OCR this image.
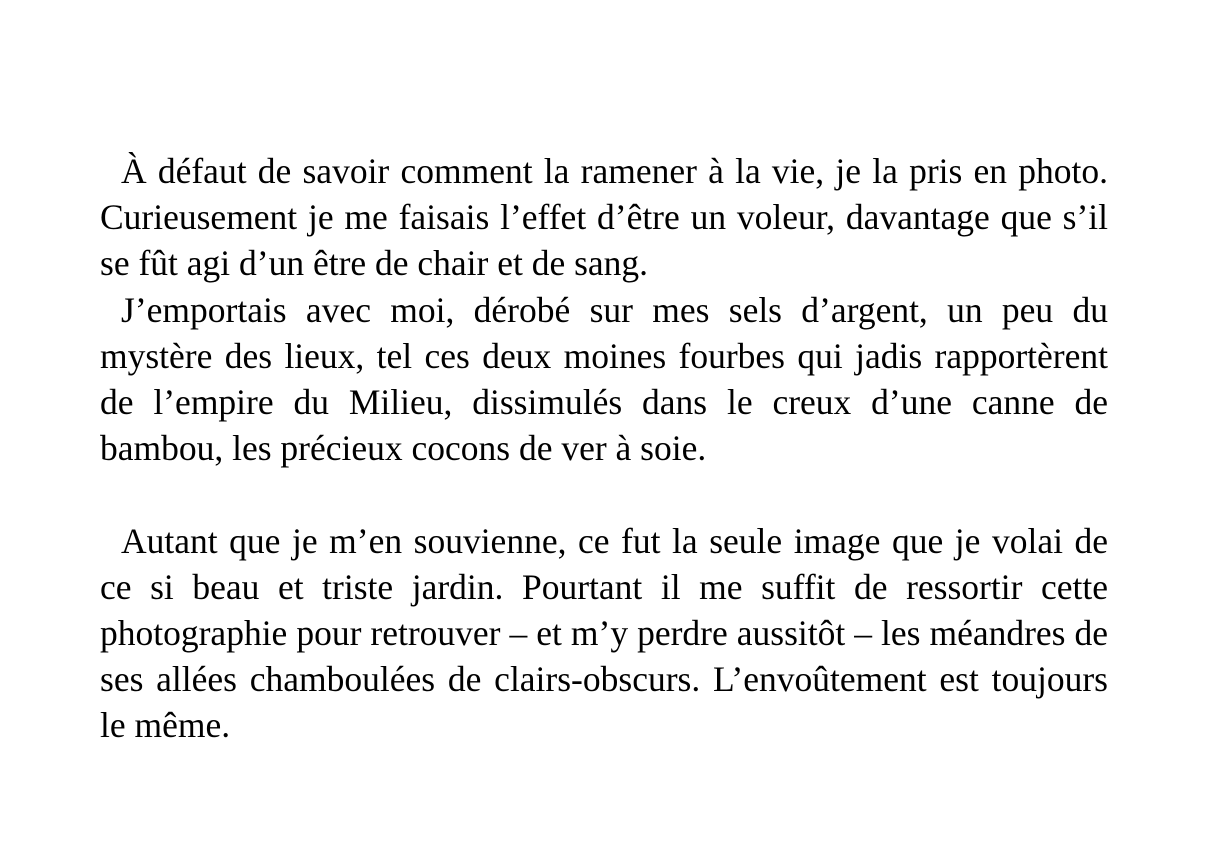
À défaut de savoir comment la ramener à la vie, je la pris en photo. Curieusement je me faisais l’effet d’être un voleur, davantage que s’il se fût agi d’un être de chair et de sang.

J’emportais avec moi, dérobé sur mes sels d’argent, un peu du mystère des lieux, tel ces deux moines fourbes qui jadis rapportèrent de l’empire du Milieu, dissimulés dans le creux d’une canne de bambou, les précieux cocons de ver à soie.

Autant que je m’en souvienne, ce fut la seule image que je volai de ce si beau et triste jardin. Pourtant il me suffit de ressortir cette photographie pour retrouver – et m’y perdre aussitôt – les méandres de ses allées chamboulées de clairs-obscurs. L’envoûtement est toujours le même.
